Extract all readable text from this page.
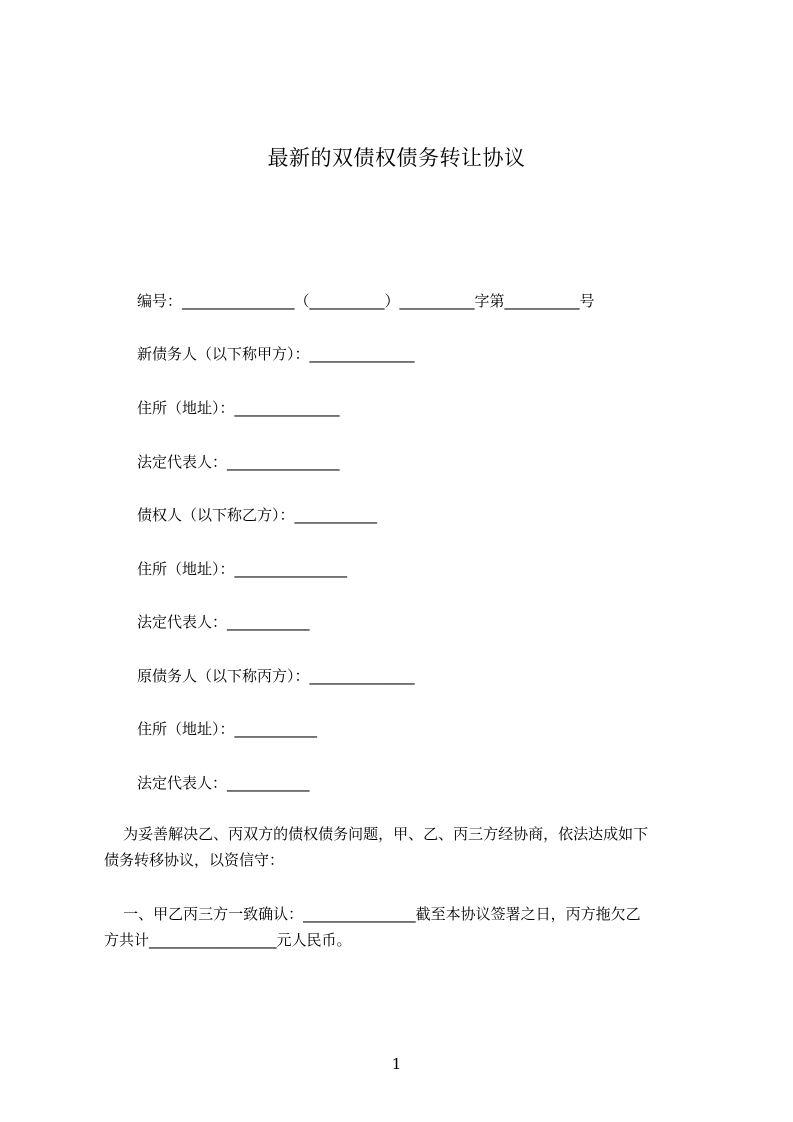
最新的双债权债务转让协议
编号：_______________（__________）__________字第__________号
新债务人（以下称甲方）：______________
住所（地址）：______________
法定代表人：_______________
债权人（以下称乙方）：___________
住所（地址）：_______________
法定代表人：___________
原债务人（以下称丙方）：______________
住所（地址）：___________
法定代表人：___________

为妥善解决乙、丙双方的债权债务问题，甲、乙、丙三方经协商，依法达成如下

债务转移协议，以资信守：

一、甲乙丙三方一致确认：_______________截至本协议签署之日，丙方拖欠乙

方共计_________________元人民币。

1
